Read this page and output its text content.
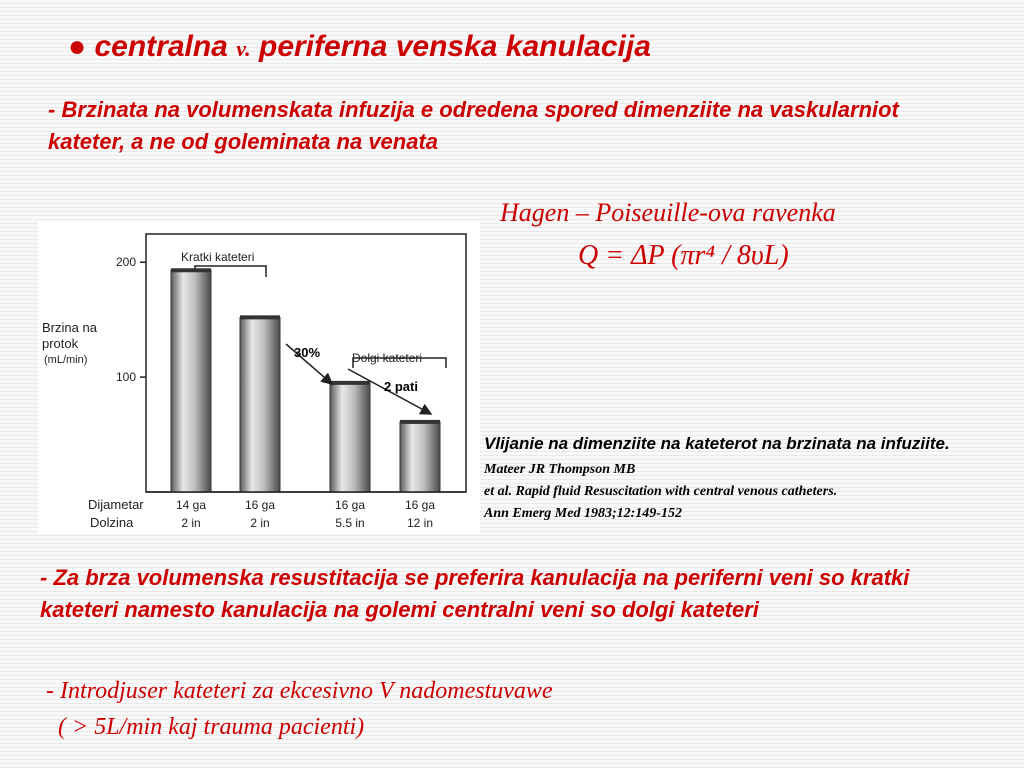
● centralna v. periferna venska kanulacija
- Brzinata na volumenskata infuzija e odredena spored dimenziite na vaskularniot kateter, a ne od goleminata na venata
Hagen – Poiseuille-ova ravenka
Q = ΔP (πr⁴ / 8υL)
Brzina na
protok
(mL/min)
100
200	Kratki kateteri
Dolgi kateteri
Dijametar
Dolzina
14 ga	16 ga	16 ga	16 ga
2 in	2 in	5.5 in	12 in
30%
2 pati
Vlijanie na dimenziite na kateterot na brzinata na infuziite. Mateer JR Thompson MB
et al. Rapid fluid Resuscitation with central venous catheters.
Ann Emerg Med 1983;12:149-152
- Za brza volumenska resustitacija se preferira kanulacija na periferni veni so kratki kateteri namesto kanulacija na golemi centralni veni so dolgi kateteri
- Introdjuser kateteri za ekcesivno V nadomestuvawe
( > 5L/min kaj trauma pacienti)
